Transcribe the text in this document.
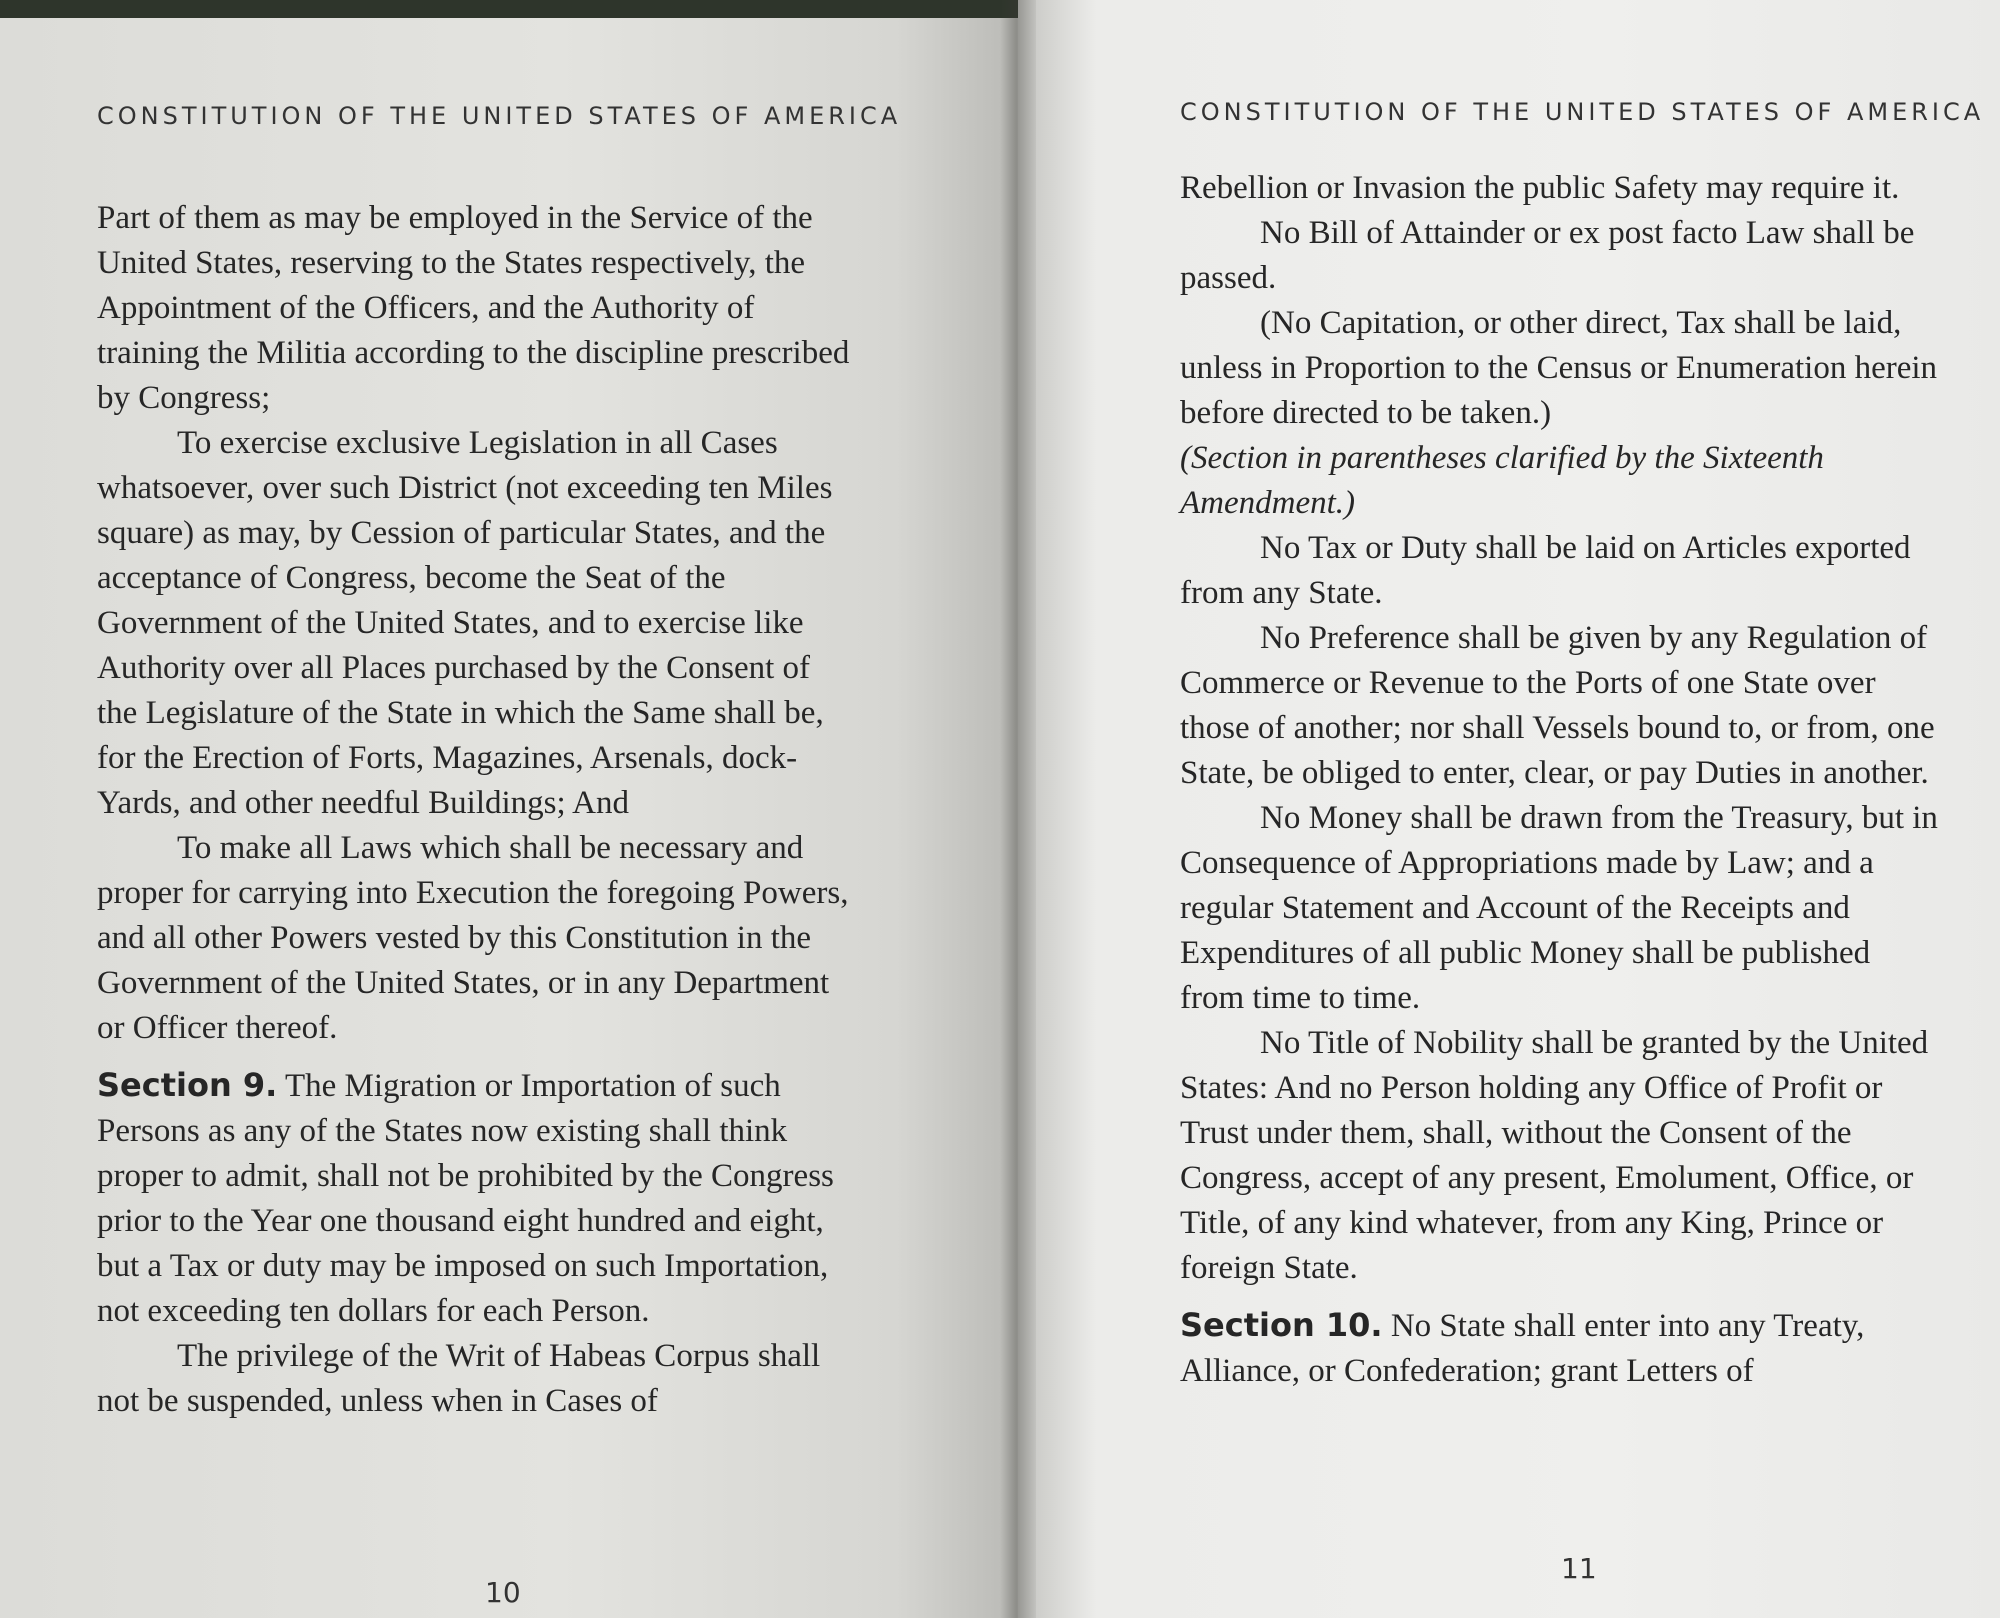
CONSTITUTION OF THE UNITED STATES OF AMERICA

Part of them as may be employed in the Service of the United States, reserving to the States respectively, the Appointment of the Officers, and the Authority of training the Militia according to the discipline prescribed by Congress;

To exercise exclusive Legislation in all Cases whatsoever, over such District (not exceeding ten Miles square) as may, by Cession of particular States, and the acceptance of Congress, become the Seat of the Government of the United States, and to exercise like Authority over all Places purchased by the Consent of the Legislature of the State in which the Same shall be, for the Erection of Forts, Magazines, Arsenals, dock-Yards, and other needful Buildings; And

To make all Laws which shall be necessary and proper for carrying into Execution the foregoing Powers, and all other Powers vested by this Constitution in the Government of the United States, or in any Department or Officer thereof.

Section 9. The Migration or Importation of such Persons as any of the States now existing shall think proper to admit, shall not be prohibited by the Congress prior to the Year one thousand eight hundred and eight, but a Tax or duty may be imposed on such Importation, not exceeding ten dollars for each Person.

The privilege of the Writ of Habeas Corpus shall not be suspended, unless when in Cases of

10
CONSTITUTION OF THE UNITED STATES OF AMERICA

Rebellion or Invasion the public Safety may require it.

No Bill of Attainder or ex post facto Law shall be passed.

(No Capitation, or other direct, Tax shall be laid, unless in Proportion to the Census or Enumeration herein before directed to be taken.)

(Section in parentheses clarified by the Sixteenth Amendment.)

No Tax or Duty shall be laid on Articles exported from any State.

No Preference shall be given by any Regulation of Commerce or Revenue to the Ports of one State over those of another; nor shall Vessels bound to, or from, one State, be obliged to enter, clear, or pay Duties in another.

No Money shall be drawn from the Treasury, but in Consequence of Appropriations made by Law; and a regular Statement and Account of the Receipts and Expenditures of all public Money shall be published from time to time.

No Title of Nobility shall be granted by the United States: And no Person holding any Office of Profit or Trust under them, shall, without the Consent of the Congress, accept of any present, Emolument, Office, or Title, of any kind whatever, from any King, Prince or foreign State.

Section 10. No State shall enter into any Treaty, Alliance, or Confederation; grant Letters of

11
